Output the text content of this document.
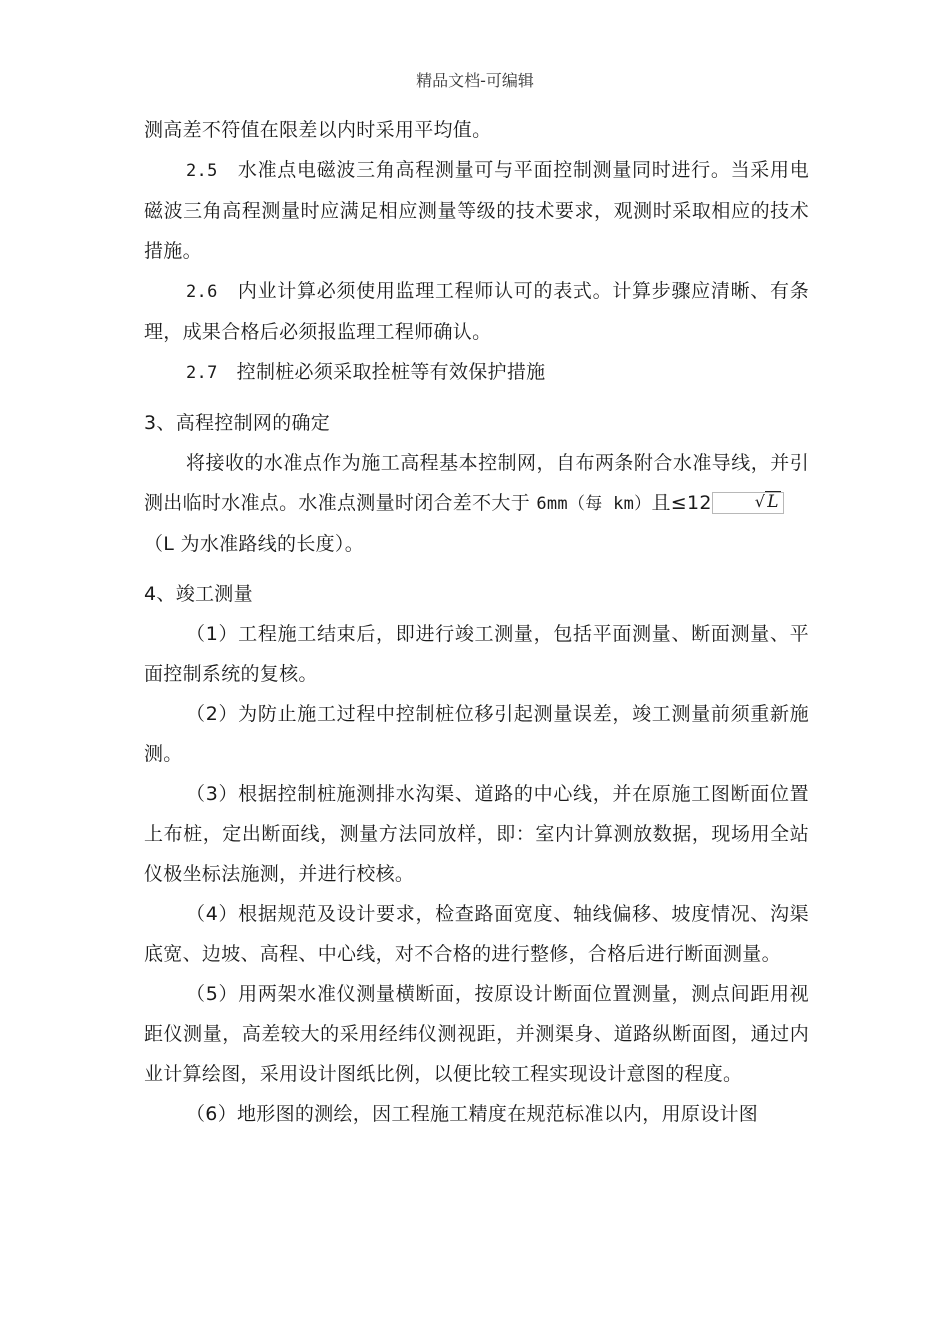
精品文档-可编辑

测高差不符值在限差以内时采用平均值。

2.5 水准点电磁波三角高程测量可与平面控制测量同时进行。当采用电磁波三角高程测量时应满足相应测量等级的技术要求，观测时采取相应的技术措施。

2.6 内业计算必须使用监理工程师认可的表式。计算步骤应清晰、有条理，成果合格后必须报监理工程师确认。

2.7 控制桩必须采取拴桩等有效保护措施

3、高程控制网的确定

将接收的水准点作为施工高程基本控制网，自布两条附合水准导线，并引测出临时水准点。水准点测量时闭合差不大于 6mm（每 km）且≤12	√ L
（L 为水准路线的长度）。

4、竣工测量

（1）工程施工结束后，即进行竣工测量，包括平面测量、断面测量、平面控制系统的复核。

（2）为防止施工过程中控制桩位移引起测量误差，竣工测量前须重新施测。

（3）根据控制桩施测排水沟渠、道路的中心线，并在原施工图断面位置上布桩，定出断面线，测量方法同放样，即：室内计算测放数据，现场用全站仪极坐标法施测，并进行校核。

（4）根据规范及设计要求，检查路面宽度、轴线偏移、坡度情况、沟渠底宽、边坡、高程、中心线，对不合格的进行整修，合格后进行断面测量。

（5）用两架水准仪测量横断面，按原设计断面位置测量，测点间距用视距仪测量，高差较大的采用经纬仪测视距，并测渠身、道路纵断面图，通过内业计算绘图，采用设计图纸比例，以便比较工程实现设计意图的程度。

（6）地形图的测绘，因工程施工精度在规范标准以内，用原设计图
